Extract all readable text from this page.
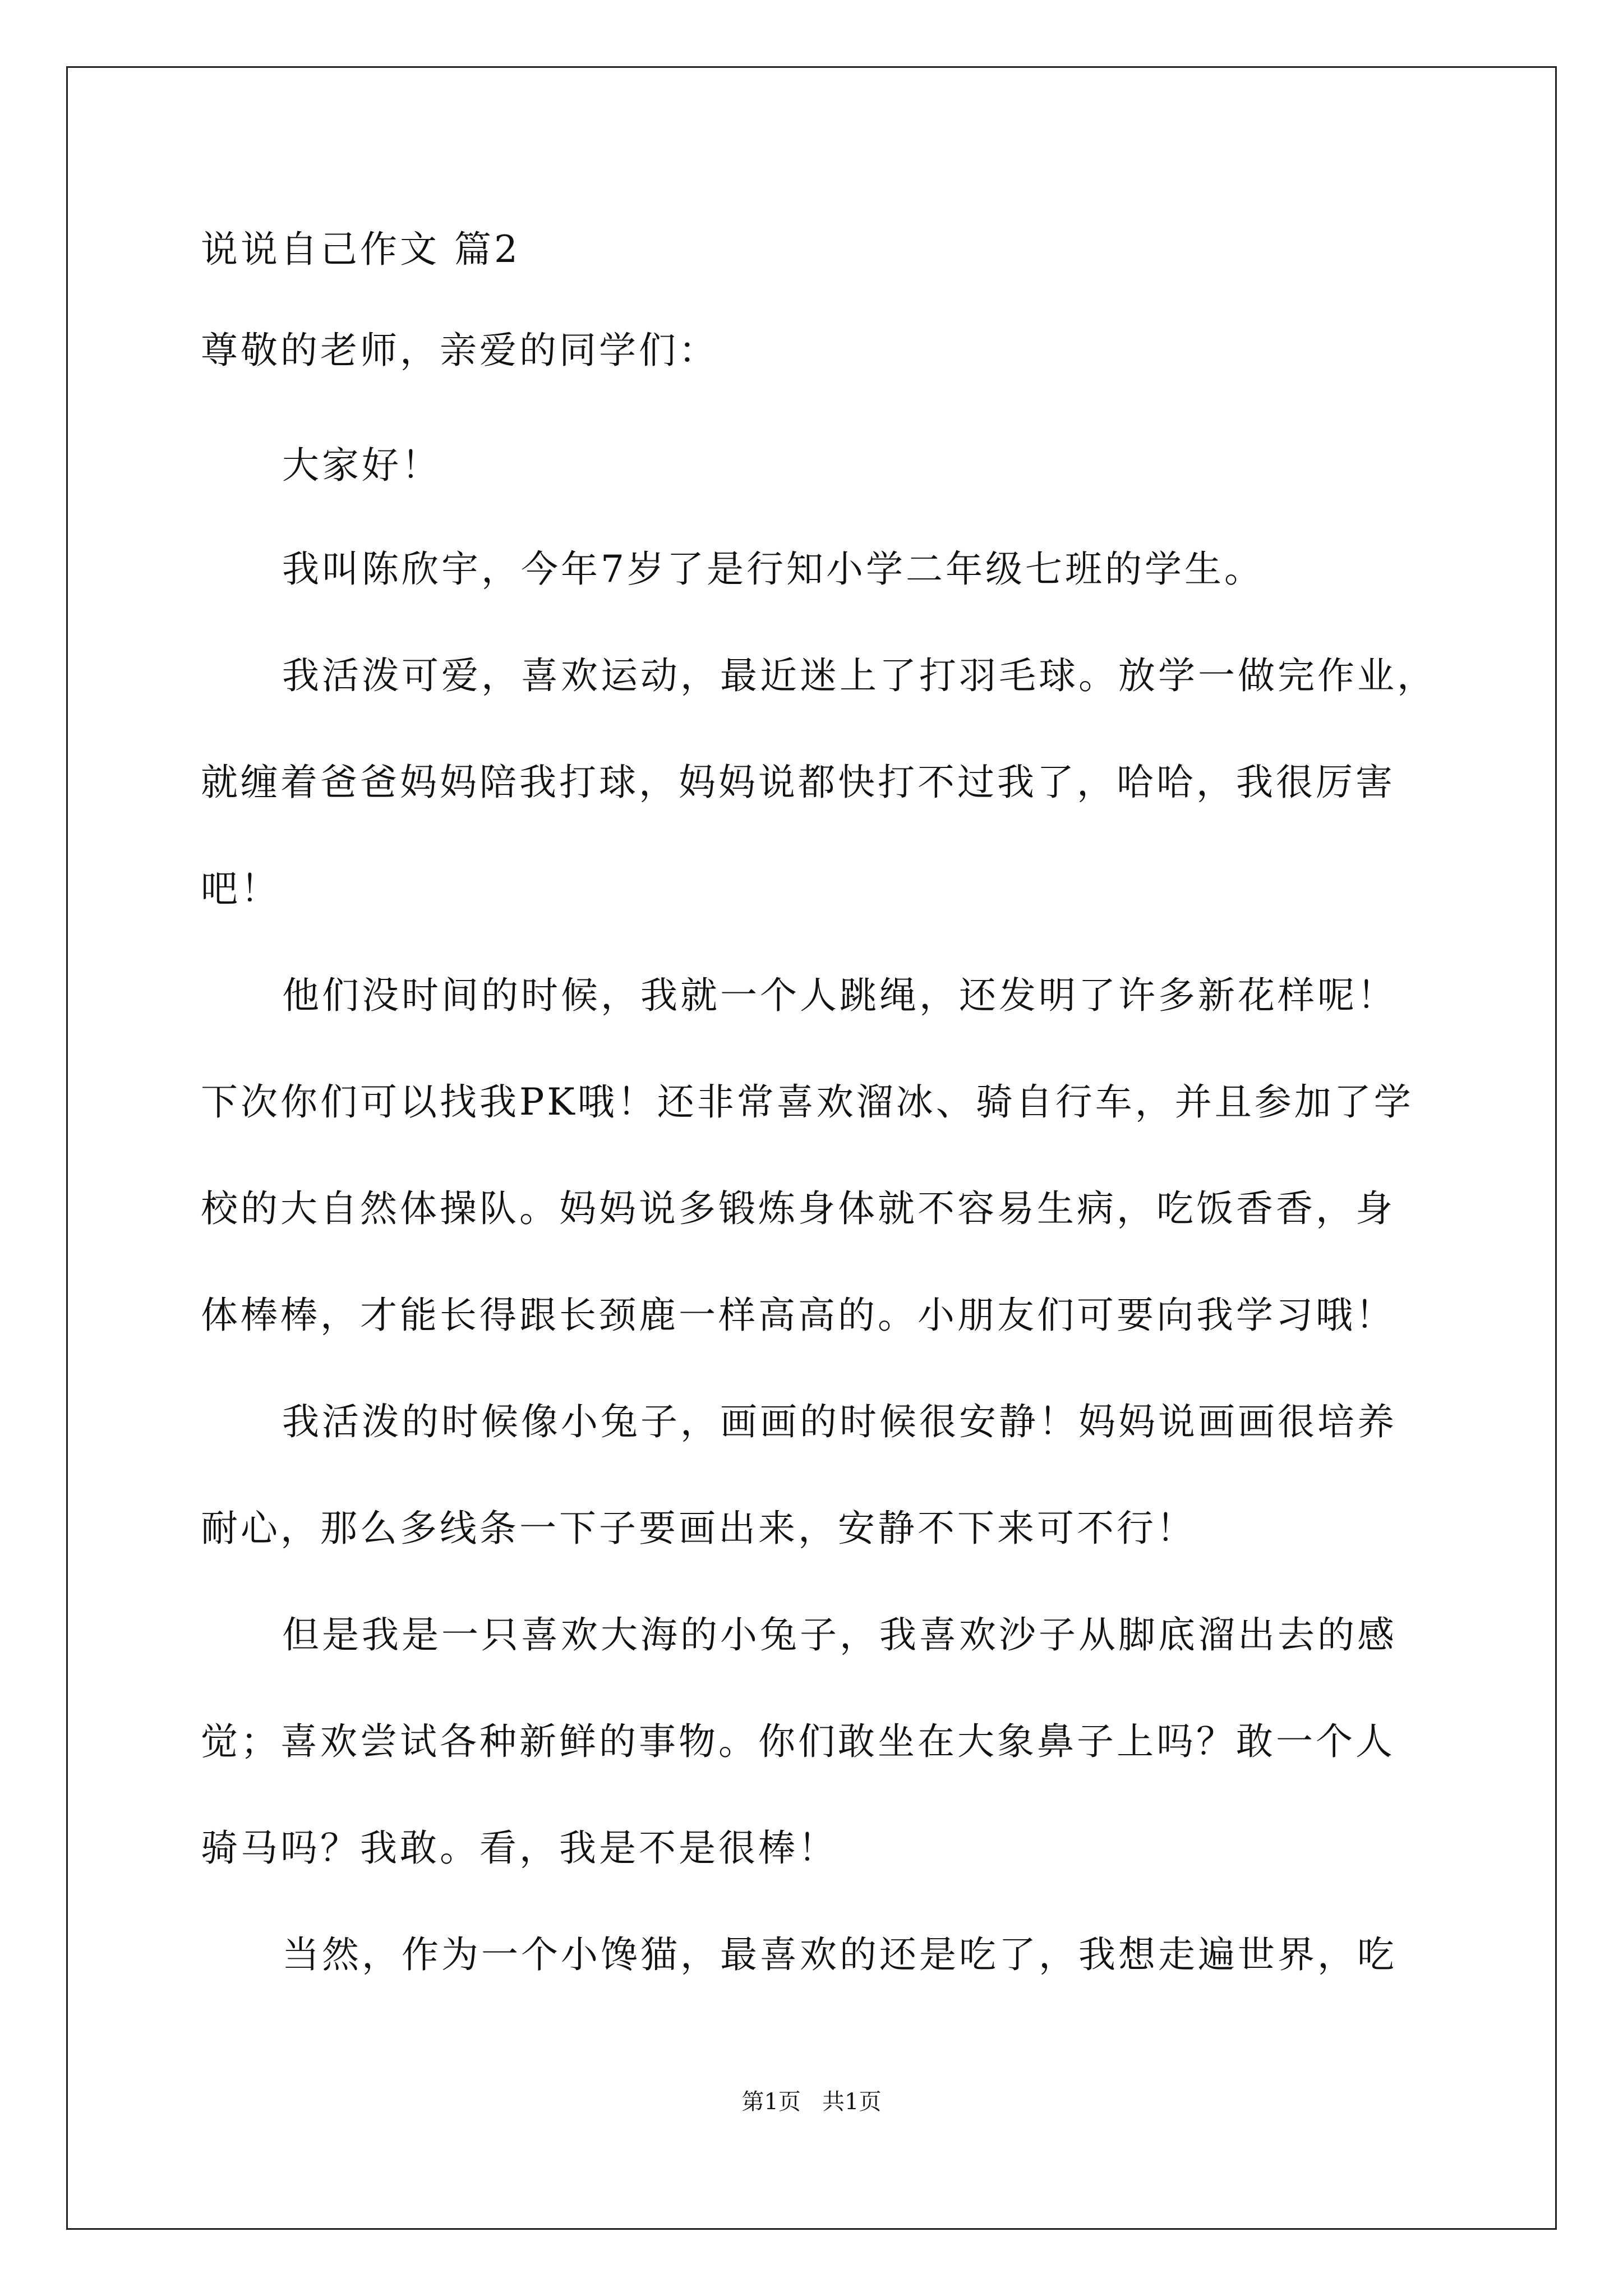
说说自己作文 篇2
尊敬的老师，亲爱的同学们：
大家好！
我叫陈欣宇，今年7岁了是行知小学二年级七班的学生。
我活泼可爱，喜欢运动，最近迷上了打羽毛球。放学一做完作业，
就缠着爸爸妈妈陪我打球，妈妈说都快打不过我了，哈哈，我很厉害
吧！
他们没时间的时候，我就一个人跳绳，还发明了许多新花样呢！
下次你们可以找我PK哦！还非常喜欢溜冰、骑自行车，并且参加了学
校的大自然体操队。妈妈说多锻炼身体就不容易生病，吃饭香香，身
体棒棒，才能长得跟长颈鹿一样高高的。小朋友们可要向我学习哦！
我活泼的时候像小兔子，画画的时候很安静！妈妈说画画很培养
耐心，那么多线条一下子要画出来，安静不下来可不行！
但是我是一只喜欢大海的小兔子，我喜欢沙子从脚底溜出去的感
觉；喜欢尝试各种新鲜的事物。你们敢坐在大象鼻子上吗？敢一个人
骑马吗？我敢。看，我是不是很棒！
当然，作为一个小馋猫，最喜欢的还是吃了，我想走遍世界，吃
第1页   共1页
